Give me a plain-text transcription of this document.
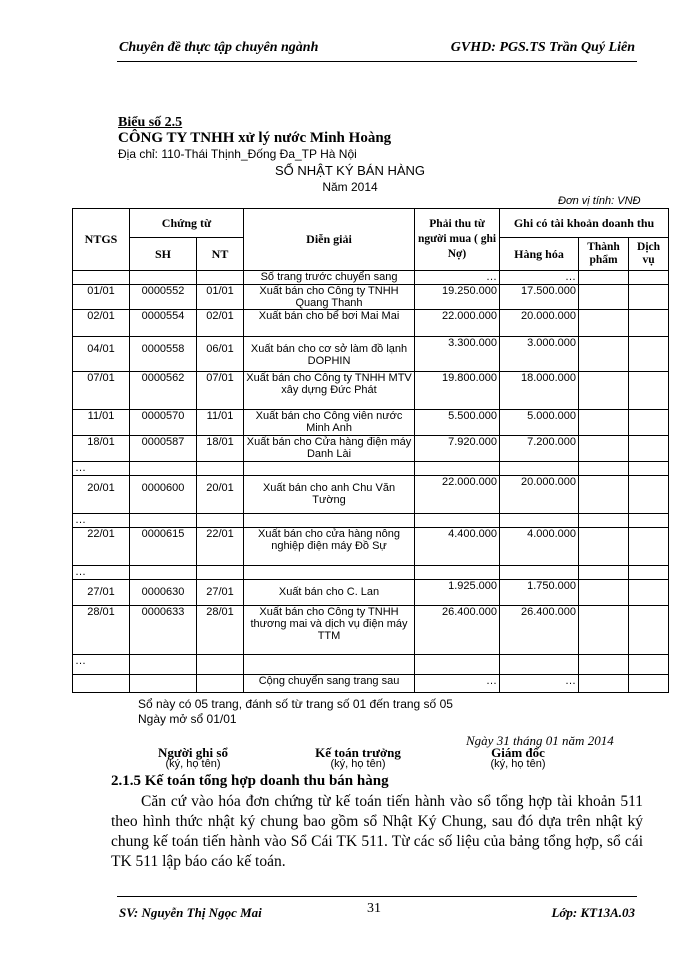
Chuyên đề thực tập chuyên ngành	GVHD: PGS.TS Trần Quý Liên
Biểu số 2.5
CÔNG TY TNHH xử lý nước Minh Hoàng
Địa chỉ: 110-Thái Thịnh_Đống Đa_TP Hà Nội
SỔ NHẬT KÝ BÁN HÀNG
Năm 2014
Đơn vị tính: VNĐ
NTGS	Chứng từ		Diễn giải	Phải thu từ người mua ( ghi Nợ)	Ghi có tài khoản doanh thu		
	SH	NT			Hàng hóa	Thành phẩm	Dịch vụ
			Số trang trước chuyển sang	…	…		
01/01	0000552	01/01	Xuất bán cho Công ty TNHH Quang Thanh	19.250.000	17.500.000		
02/01	0000554	02/01	Xuất bán cho bể bơi Mai Mai	22.000.000	20.000.000		
04/01	0000558	06/01	Xuất bán cho cơ sở làm đồ lạnh DOPHIN	3.300.000	3.000.000		
07/01	0000562	07/01	Xuất bán cho Công ty TNHH MTV xây dựng Đức Phát	19.800.000	18.000.000		
11/01	0000570	11/01	Xuất bán cho Công viên nước Minh Anh	5.500.000	5.000.000		
18/01	0000587	18/01	Xuất bán cho Cửa hàng điện máy Danh Lài	7.920.000	7.200.000		
…							
20/01	0000600	20/01	Xuất bán cho anh Chu Văn Tường	22.000.000	20.000.000		
…							
22/01	0000615	22/01	Xuất bán cho cửa hàng nông nghiệp điện máy Đồ Sự	4.400.000	4.000.000		
…							
27/01	0000630	27/01	Xuất bán cho C. Lan	1.925.000	1.750.000		
28/01	0000633	28/01	Xuất bán cho Công ty TNHH thương mai và dịch vụ điện máy TTM	26.400.000	26.400.000		
…							
			Cộng chuyển sang trang sau	…	…		
Sổ này có 05 trang, đánh số từ trang số 01 đến trang số 05
Ngày mở sổ 01/01
Ngày 31 tháng 01 năm 2014
Người ghi sổ
(ký, họ tên)
Kế toán trưởng
(ký, họ tên)
Giám đốc
(ký, họ tên)
2.1.5 Kế toán tổng hợp doanh thu bán hàng
Căn cứ vào hóa đơn chứng từ kế toán tiến hành vào sổ tổng hợp tài khoản 511 theo hình thức nhật ký chung bao gồm sổ Nhật Ký Chung, sau đó dựa trên nhật ký chung kế toán tiến hành vào Sổ Cái TK 511. Từ các số liệu của bảng tổng hợp, sổ cái TK 511 lập báo cáo kế toán.
SV: Nguyễn Thị Ngọc Mai	31	Lớp: KT13A.03
